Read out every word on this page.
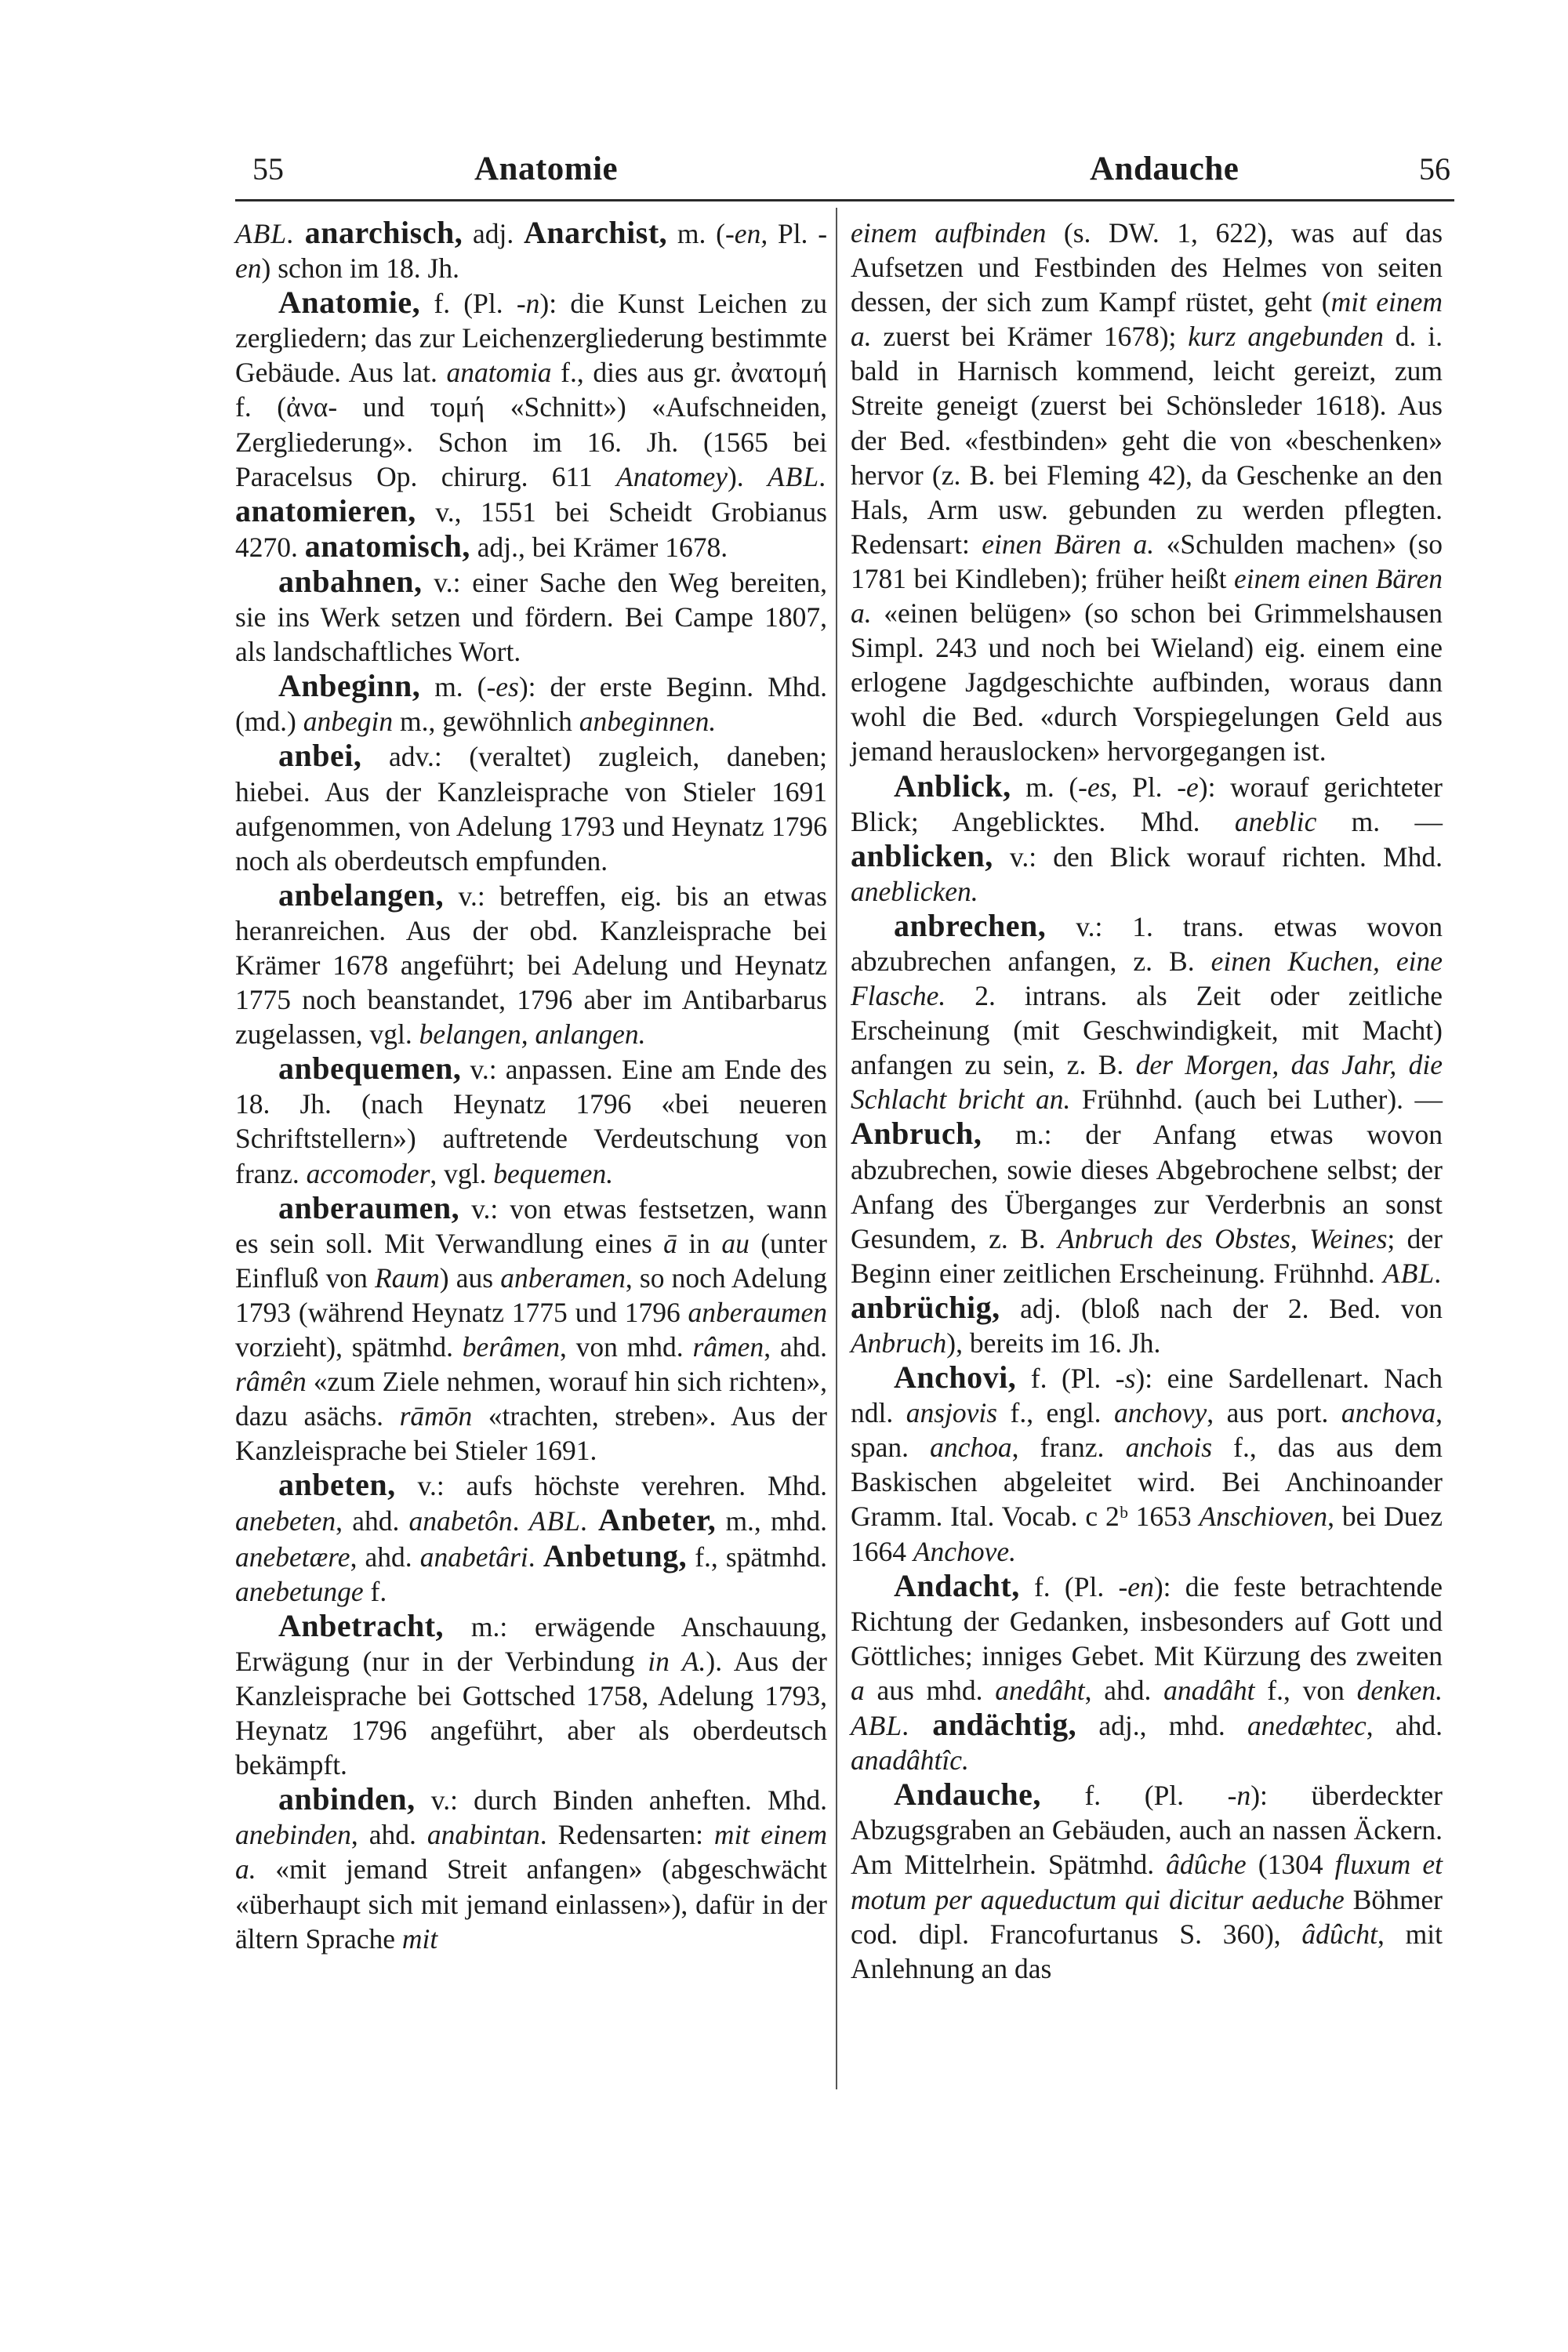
55	Anatomie	Andauche	56

ABL. anarchisch, adj. Anarchist, m. (-en, Pl. -en) schon im 18. Jh.

Anatomie, f. (Pl. -n): die Kunst Leichen zu zergliedern; das zur Leichenzergliederung bestimmte Gebäude. Aus lat. anatomia f., dies aus gr. ἀνατομή f. (ἀνα- und τομή «Schnitt») «Aufschneiden, Zergliederung». Schon im 16. Jh. (1565 bei Paracelsus Op. chirurg. 611 Anatomey). ABL. anatomieren, v., 1551 bei Scheidt Grobianus 4270. anatomisch, adj., bei Krämer 1678.

anbahnen, v.: einer Sache den Weg bereiten, sie ins Werk setzen und fördern. Bei Campe 1807, als landschaftliches Wort.

Anbeginn, m. (-es): der erste Beginn. Mhd. (md.) anbegin m., gewöhnlich anbeginnen.

anbei, adv.: (veraltet) zugleich, daneben; hiebei. Aus der Kanzleisprache von Stieler 1691 aufgenommen, von Adelung 1793 und Heynatz 1796 noch als oberdeutsch empfunden.

anbelangen, v.: betreffen, eig. bis an etwas heranreichen. Aus der obd. Kanzleisprache bei Krämer 1678 angeführt; bei Adelung und Heynatz 1775 noch beanstandet, 1796 aber im Antibarbarus zugelassen, vgl. belangen, anlangen.

anbequemen, v.: anpassen. Eine am Ende des 18. Jh. (nach Heynatz 1796 «bei neueren Schriftstellern») auftretende Verdeutschung von franz. accomoder, vgl. bequemen.

anberaumen, v.: von etwas festsetzen, wann es sein soll. Mit Verwandlung eines ā in au (unter Einfluß von Raum) aus anberamen, so noch Adelung 1793 (während Heynatz 1775 und 1796 anberaumen vorzieht), spätmhd. berâmen, von mhd. râmen, ahd. râmên «zum Ziele nehmen, worauf hin sich richten», dazu asächs. rāmōn «trachten, streben». Aus der Kanzleisprache bei Stieler 1691.

anbeten, v.: aufs höchste verehren. Mhd. anebeten, ahd. anabetôn. ABL. Anbeter, m., mhd. anebetære, ahd. anabetâri. Anbetung, f., spätmhd. anebetunge f.

Anbetracht, m.: erwägende Anschauung, Erwägung (nur in der Verbindung in A.). Aus der Kanzleisprache bei Gottsched 1758, Adelung 1793, Heynatz 1796 angeführt, aber als oberdeutsch bekämpft.

anbinden, v.: durch Binden anheften. Mhd. anebinden, ahd. anabintan. Redensarten: mit einem a. «mit jemand Streit anfangen» (abgeschwächt «überhaupt sich mit jemand einlassen»), dafür in der ältern Sprache mit

einem aufbinden (s. DW. 1, 622), was auf das Aufsetzen und Festbinden des Helmes von seiten dessen, der sich zum Kampf rüstet, geht (mit einem a. zuerst bei Krämer 1678); kurz angebunden d. i. bald in Harnisch kommend, leicht gereizt, zum Streite geneigt (zuerst bei Schönsleder 1618). Aus der Bed. «festbinden» geht die von «beschenken» hervor (z. B. bei Fleming 42), da Geschenke an den Hals, Arm usw. gebunden zu werden pflegten. Redensart: einen Bären a. «Schulden machen» (so 1781 bei Kindleben); früher heißt einem einen Bären a. «einen belügen» (so schon bei Grimmelshausen Simpl. 243 und noch bei Wieland) eig. einem eine erlogene Jagdgeschichte aufbinden, woraus dann wohl die Bed. «durch Vorspiegelungen Geld aus jemand herauslocken» hervorgegangen ist.

Anblick, m. (-es, Pl. -e): worauf gerichteter Blick; Angeblicktes. Mhd. aneblic m. — anblicken, v.: den Blick worauf richten. Mhd. aneblicken.

anbrechen, v.: 1. trans. etwas wovon abzubrechen anfangen, z. B. einen Kuchen, eine Flasche. 2. intrans. als Zeit oder zeitliche Erscheinung (mit Geschwindigkeit, mit Macht) anfangen zu sein, z. B. der Morgen, das Jahr, die Schlacht bricht an. Frühnhd. (auch bei Luther). — Anbruch, m.: der Anfang etwas wovon abzubrechen, sowie dieses Abgebrochene selbst; der Anfang des Überganges zur Verderbnis an sonst Gesundem, z. B. Anbruch des Obstes, Weines; der Beginn einer zeitlichen Erscheinung. Frühnhd. ABL. anbrüchig, adj. (bloß nach der 2. Bed. von Anbruch), bereits im 16. Jh.

Anchovi, f. (Pl. -s): eine Sardellenart. Nach ndl. ansjovis f., engl. anchovy, aus port. anchova, span. anchoa, franz. anchois f., das aus dem Baskischen abgeleitet wird. Bei Anchinoander Gramm. Ital. Vocab. c 2ᵇ 1653 Anschioven, bei Duez 1664 Anchove.

Andacht, f. (Pl. -en): die feste betrachtende Richtung der Gedanken, insbesonders auf Gott und Göttliches; inniges Gebet. Mit Kürzung des zweiten a aus mhd. anedâht, ahd. anadâht f., von denken. ABL. andächtig, adj., mhd. anedæhtec, ahd. anadâhtîc.

Andauche, f. (Pl. -n): überdeckter Abzugsgraben an Gebäuden, auch an nassen Äckern. Am Mittelrhein. Spätmhd. âdûche (1304 fluxum et motum per aqueductum qui dicitur aeduche Böhmer cod. dipl. Francofurtanus S. 360), âdûcht, mit Anlehnung an das
